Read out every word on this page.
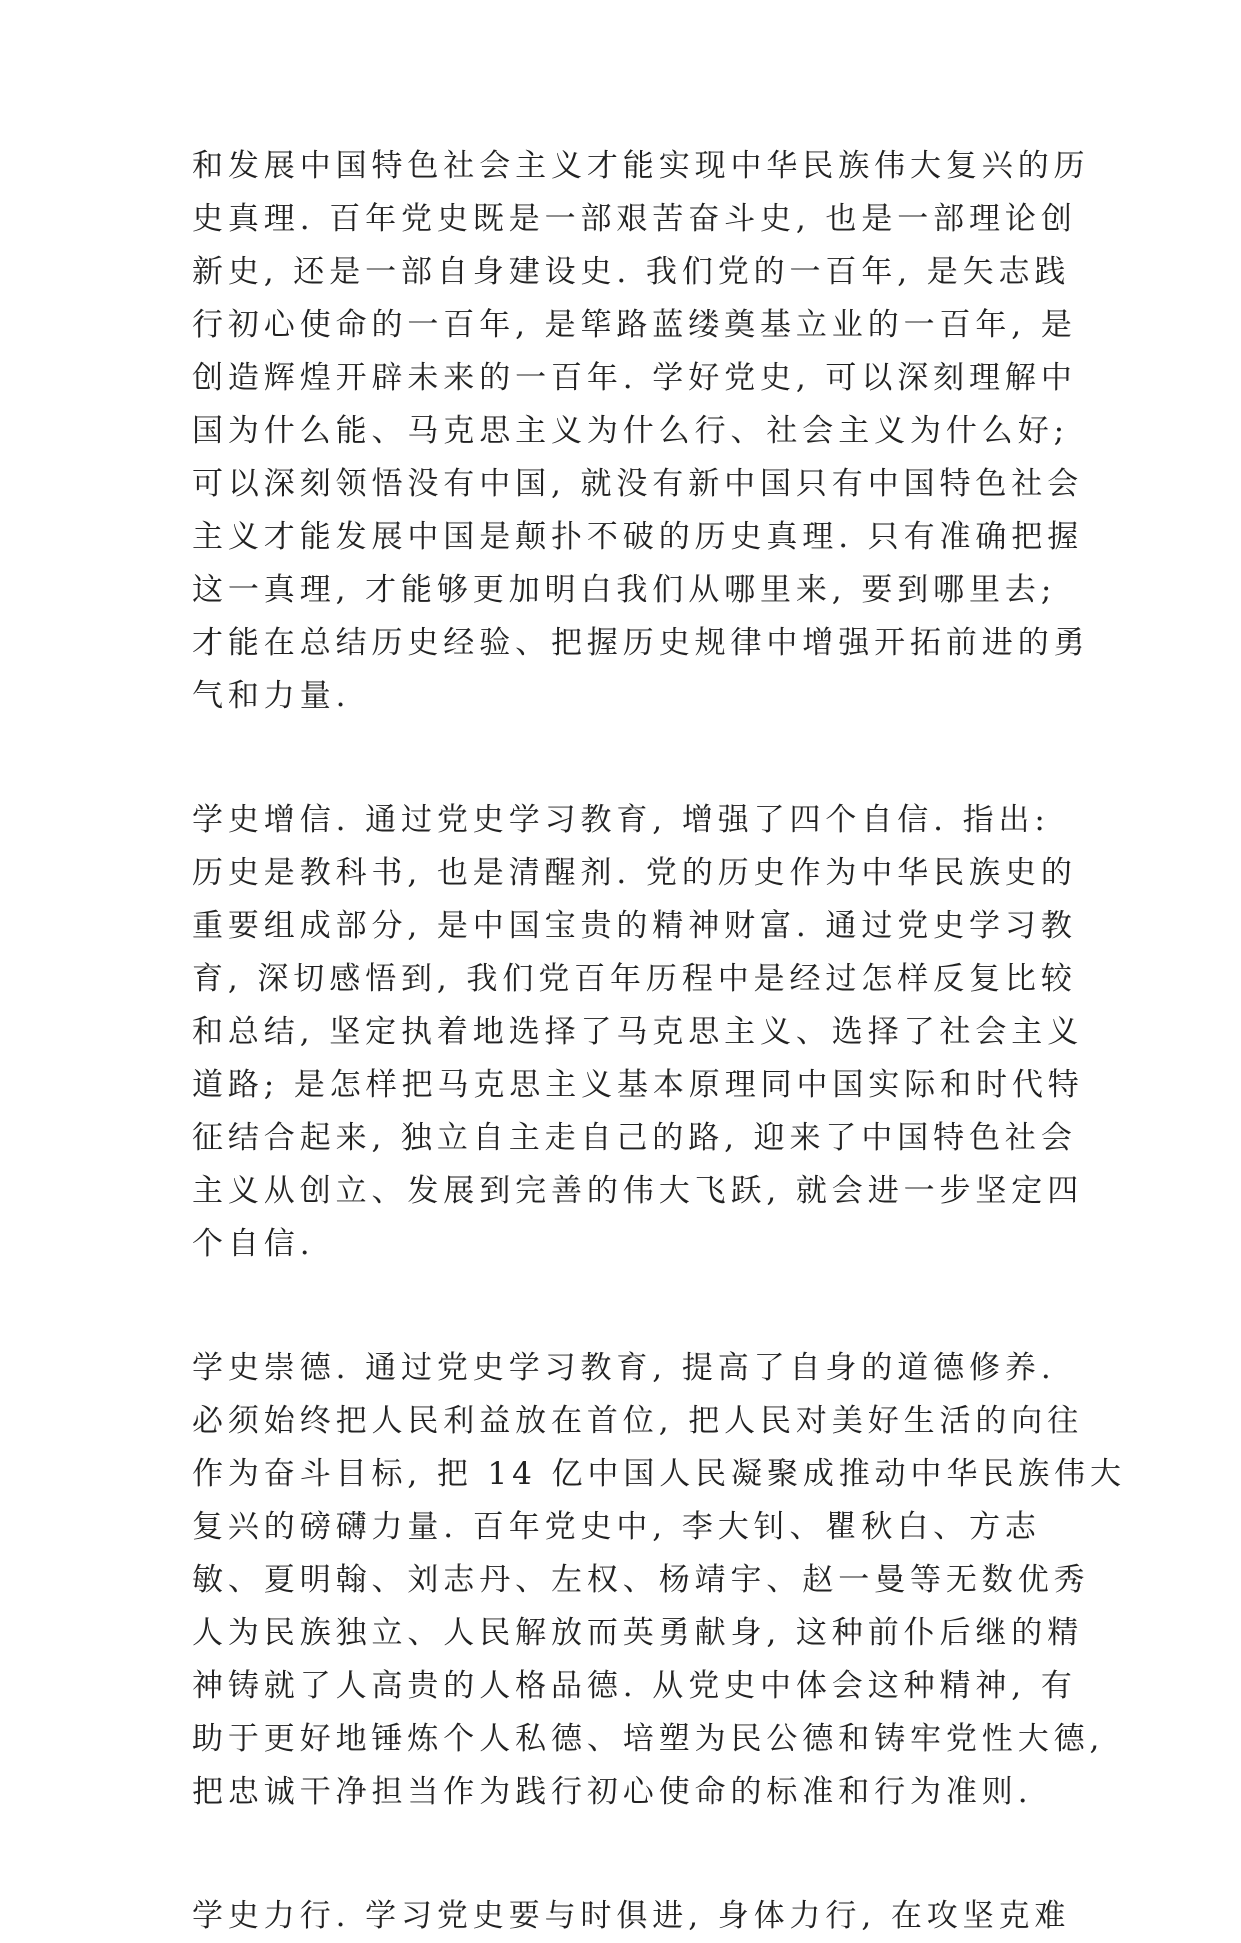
和发展中国特色社会主义才能实现中华民族伟大复兴的历
史真理. 百年党史既是一部艰苦奋斗史, 也是一部理论创
新史, 还是一部自身建设史. 我们党的一百年, 是矢志践
行初心使命的一百年, 是筚路蓝缕奠基立业的一百年, 是
创造辉煌开辟未来的一百年. 学好党史, 可以深刻理解中
国为什么能、马克思主义为什么行、社会主义为什么好;
可以深刻领悟没有中国, 就没有新中国只有中国特色社会
主义才能发展中国是颠扑不破的历史真理. 只有准确把握
这一真理, 才能够更加明白我们从哪里来, 要到哪里去;
才能在总结历史经验、把握历史规律中增强开拓前进的勇
气和力量.

学史增信. 通过党史学习教育, 增强了四个自信. 指出:
历史是教科书, 也是清醒剂. 党的历史作为中华民族史的
重要组成部分, 是中国宝贵的精神财富. 通过党史学习教
育, 深切感悟到, 我们党百年历程中是经过怎样反复比较
和总结, 坚定执着地选择了马克思主义、选择了社会主义
道路; 是怎样把马克思主义基本原理同中国实际和时代特
征结合起来, 独立自主走自己的路, 迎来了中国特色社会
主义从创立、发展到完善的伟大飞跃, 就会进一步坚定四
个自信.

学史崇德. 通过党史学习教育, 提高了自身的道德修养.
必须始终把人民利益放在首位, 把人民对美好生活的向往
作为奋斗目标, 把 14 亿中国人民凝聚成推动中华民族伟大
复兴的磅礴力量. 百年党史中, 李大钊、瞿秋白、方志
敏、夏明翰、刘志丹、左权、杨靖宇、赵一曼等无数优秀
人为民族独立、人民解放而英勇献身, 这种前仆后继的精
神铸就了人高贵的人格品德. 从党史中体会这种精神, 有
助于更好地锤炼个人私德、培塑为民公德和铸牢党性大德,
把忠诚干净担当作为践行初心使命的标准和行为准则.

学史力行. 学习党史要与时俱进, 身体力行, 在攻坚克难
